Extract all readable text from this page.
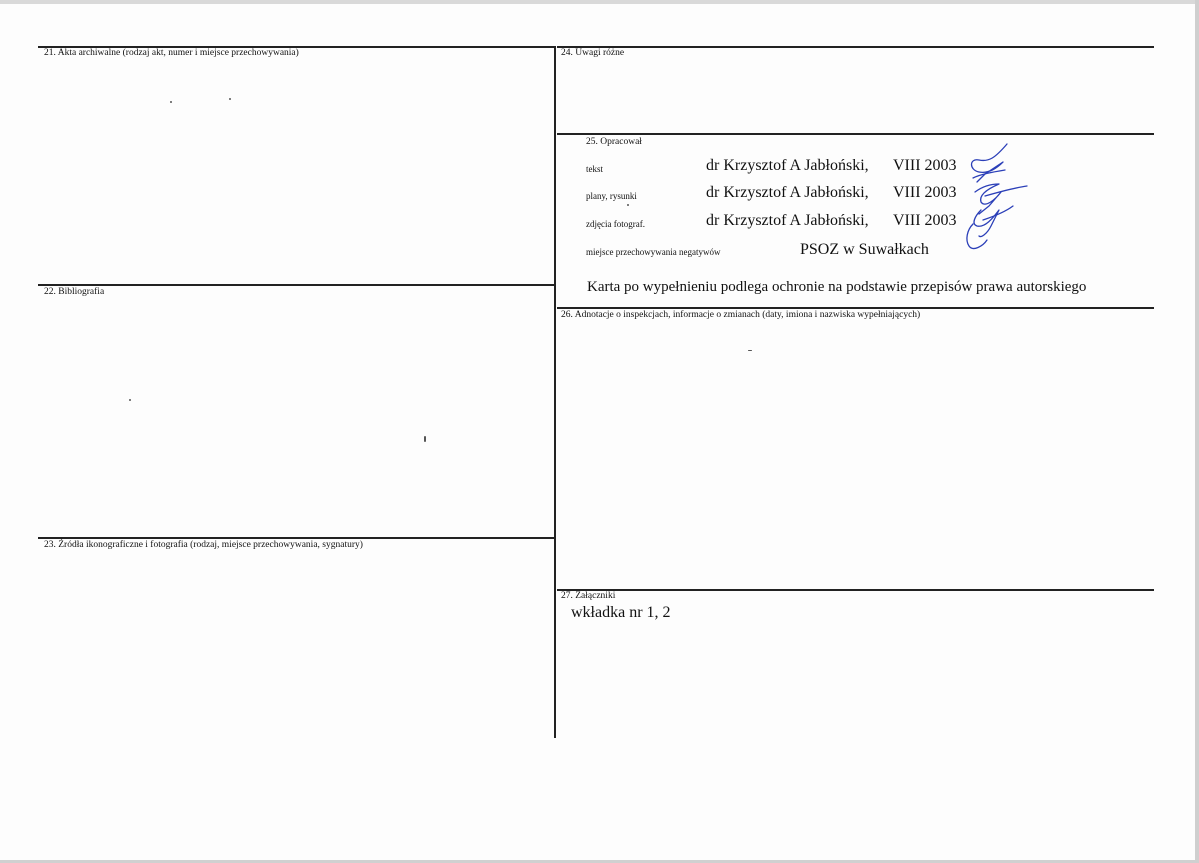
21. Akta archiwalne (rodzaj akt, numer i miejsce przechowywania)
22. Bibliografia
23. Źródła ikonograficzne i fotografia (rodzaj, miejsce przechowywania, sygnatury)
24. Uwagi różne
25. Opracował
tekst	dr Krzysztof A Jabłoński, VIII 2003
plany, rysunki	dr Krzysztof A Jabłoński, VIII 2003
zdjęcia fotograf.	dr Krzysztof A Jabłoński, VIII 2003
miejsce przechowywania negatywów	PSOZ w Suwałkach
Karta po wypełnieniu podlega ochronie na podstawie przepisów prawa autorskiego
26. Adnotacje o inspekcjach, informacje o zmianach (daty, imiona i nazwiska wypełniających)
27. Załączniki
wkładka nr 1, 2
